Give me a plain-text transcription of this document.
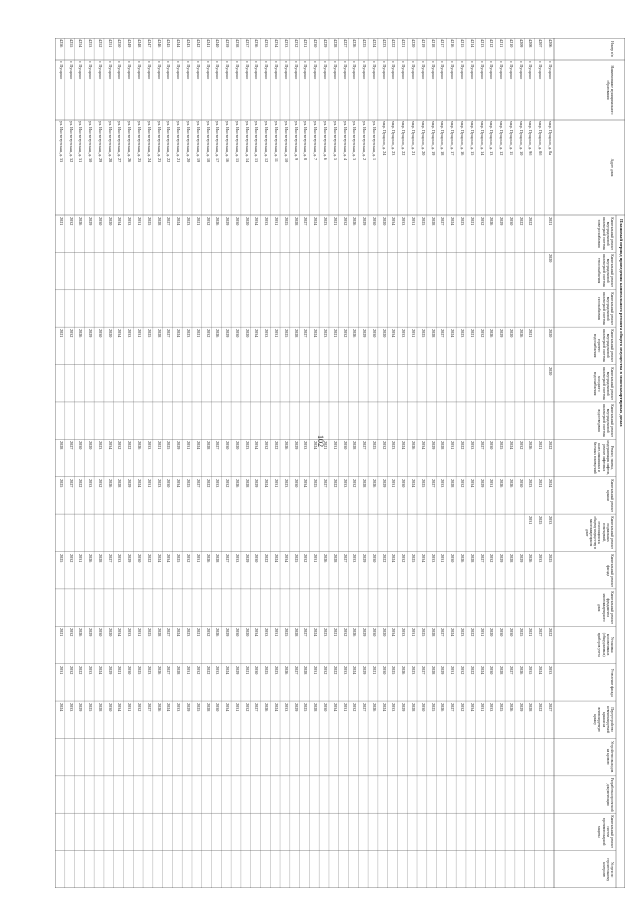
102
Плановый период проведения капитального ремонта общего имущества в многоквартирных домах
Номер п/п
Наименование муниципального образования
Адрес дома
Капитальный ремонт внутридомовой инженерной системы электроснабжения
Капитальный ремонт внутридомовой инженерной системы теплоснабжения
Капитальный ремонт внутридомовой инженерной системы газоснабжения
Капитальный ремонт внутридомовой инженерной системы горячего водоснабжения
Капитальный ремонт внутридомовой инженерной системы холодного водоснабжения
Капитальный ремонт внутридомовой инженерной системы водоотведения
Ремонт, замена, модернизация лифтов, ремонт лифтовых шахт, машинных и блочных помещений
Капитальный ремонт крыши
Капитальный ремонт подвальных помещений, относящихся к общему имуществу в многоквартирном доме
Капитальный ремонт фасада
Капитальный ремонт фундамента многоквартирного дома
Установка коллективных (общедомовых) приборов учета
Утепление фасада
Переустройство невентилируемой крыши на вентилируемую крышу
Устройство выходов на кровлю
Разработка проектной документации
Капитальный ремонт систем противопожарной защиты
Услуги по строительному контролю
4206
г. Пущино
мкр. Пущино, д. 8а
2021
2020
2020
2020
2022
2024
2033
2025
2022
2033
2027
4207
г. Пущино
мкр. Пущино, д. 8б
2021
2021
2025
2033
2027
2024
2022
4208
г. Пущино
мкр. Пущино, д. 9б
2022
2021
2026
2023
2031
2026
2021
2035
2028
4209
г. Пущино
мкр. Пущино, д. 10
2022
2026
2032
2030
2029
2025
2026
2029
4210
г. Пущино
мкр. Пущино, д. 11
2030
2020
2024
2026
2028
2030
2027
2026
4211
г. Пущино
мкр. Пущино, д. 12
2029
2029
2025
2026
2029
2030
2028
2025
4212
г. Пущино
мкр. Пущино, д. 13
2026
2026
2030
2031
2032
2020
2030
2033
4213
г. Пущино
мкр. Пущино, д. 14
2032
2032
2027
2029
2027
2031
2024
2031
4214
г. Пущино
мкр. Пущино, д. 15
2021
2021
2033
2034
2028
2022
2022
2034
4215
г. Пущино
мкр. Пущино, д. 16
2023
2023
2022
2032
2026
2023
2032
2032
4216
г. Пущино
мкр. Пущино, д. 17
2024
2024
2031
2028
2030
2024
2031
2027
4217
г. Пущино
мкр. Пущино, д. 18
2027
2027
2028
2033
2031
2027
2029
2026
4218
г. Пущино
мкр. Пущино, д. 19
2028
2028
2029
2027
2033
2028
2028
2025
4219
г. Пущино
мкр. Пущино, д. 20
2025
2025
2034
2025
2034
2025
2027
2030
4220
г. Пущино
мкр. Пущино, д. 21
2031
2031
2026
2024
2025
2031
2023
2028
4221
г. Пущино
мкр. Пущино, д. 22
2033
2033
2024
2030
2032
2033
2026
2029
4222
г. Пущино
мкр. Пущино, д. 23
2034
2034
2023
2031
2024
2034
2025
2033
4223
г. Пущино
мкр. Пущино, д. 24
2020
2020
2032
2029
2022
2020
2030
2024
4224
г. Пущино
ул. Институтская, д. 1
2030
2030
2025
2026
2030
2030
2021
2026
4225
г. Пущино
ул. Институтская, д. 2
2029
2029
2027
2028
2029
2029
2029
2027
4226
г. Пущино
ул. Институтская, д. 3
2026
2026
2028
2032
2033
2026
2024
2032
4227
г. Пущино
ул. Институтская, д. 4
2032
2032
2030
2033
2027
2032
2033
2031
4228
г. Пущино
ул. Институтская, д. 5
2021
2021
2031
2022
2028
2021
2022
2034
4229
г. Пущино
ул. Институтская, д. 6
2023
2023
2021
2027
2026
2023
2032
2030
4230
г. Пущино
ул. Институтская, д. 7
2024
2024
2024
2025
2031
2024
2031
2028
4231
г. Пущино
ул. Институтская, д. 8
2027
2027
2033
2034
2032
2027
2028
2025
4232
г. Пущино
ул. Институтская, д. 9
2028
2028
2029
2030
2025
2028
2027
2029
4233
г. Пущино
ул. Институтская, д. 10
2025
2025
2026
2023
2034
2025
2026
2033
4234
г. Пущино
ул. Институтская, д. 11
2031
2031
2022
2031
2024
2031
2023
2024
4235
г. Пущино
ул. Институтская, д. 12
2033
2033
2032
2024
2022
2033
2025
2026
4236
г. Пущино
ул. Институтская, д. 13
2034
2034
2034
2029
2030
2034
2030
2027
4237
г. Пущино
ул. Институтская, д. 14
2020
2020
2023
2028
2029
2020
2021
2032
4238
г. Пущино
ул. Институтская, д. 15
2030
2030
2020
2026
2033
2030
2029
2031
4239
г. Пущино
ул. Институтская, д. 16
2029
2029
2030
2032
2027
2029
2024
2034
4240
г. Пущино
ул. Институтская, д. 17
2026
2026
2027
2033
2028
2026
2033
2030
4241
г. Пущино
ул. Институтская, д. 18
2032
2032
2028
2022
2026
2032
2022
2028
4242
г. Пущино
ул. Институтская, д. 19
2021
2021
2024
2027
2031
2021
2032
2025
4243
г. Пущино
ул. Институтская, д. 20
2023
2023
2031
2025
2032
2023
2031
2029
4244
г. Пущино
ул. Институтская, д. 21
2024
2024
2029
2034
2025
2024
2028
2033
4245
г. Пущино
ул. Институтская, д. 22
2027
2027
2025
2030
2034
2027
2027
2024
4246
г. Пущино
ул. Институтская, д. 23
2028
2028
2021
2023
2024
2028
2026
2026
4247
г. Пущино
ул. Институтская, д. 24
2025
2025
2033
2031
2022
2025
2023
2027
4248
г. Пущино
ул. Институтская, д. 25
2031
2031
2026
2024
2030
2031
2025
2032
4249
г. Пущино
ул. Институтская, д. 26
2033
2033
2022
2029
2029
2033
2030
2031
4250
г. Пущино
ул. Институтская, д. 27
2034
2034
2032
2028
2033
2034
2021
2034
4251
г. Пущино
ул. Институтская, д. 28
2020
2020
2034
2026
2027
2020
2029
2030
4252
г. Пущино
ул. Институтская, д. 29
2030
2030
2023
2032
2028
2030
2024
2028
4253
г. Пущино
ул. Институтская, д. 30
2029
2029
2020
2033
2026
2029
2033
2025
4254
г. Пущино
ул. Институтская, д. 31
2026
2026
2030
2022
2031
2026
2022
2029
4255
г. Пущино
ул. Институтская, д. 32
2032
2032
2027
2027
2032
2032
2032
2033
4256
г. Пущино
ул. Институтская, д. 33
2021
2021
2028
2025
2025
2021
2031
2024
